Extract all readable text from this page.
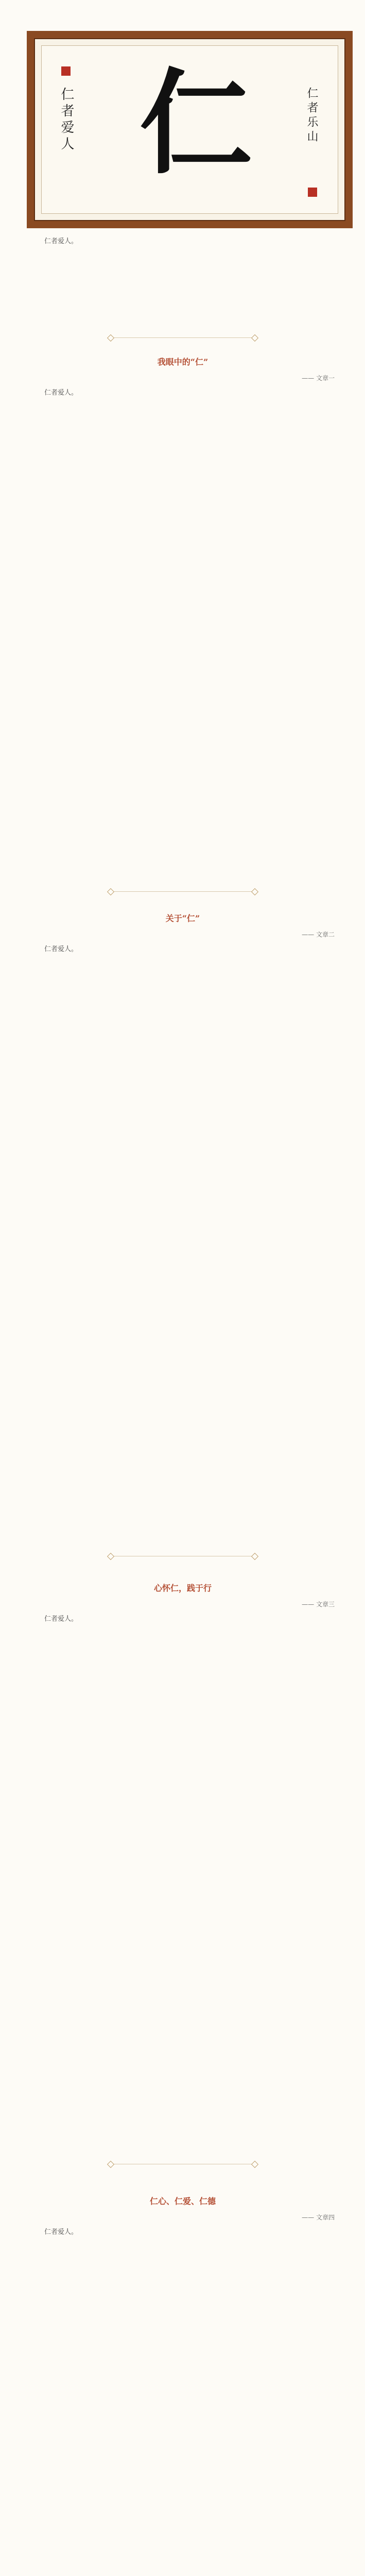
仁者爱人 仁	仁者乐山
仁者爱人。
我眼中的“仁”
—— 文章一

仁者爱人。

关于“仁”
—— 文章二

仁者爱人。

心怀仁，践于行
—— 文章三

仁者爱人。

仁心、仁爱、仁德
—— 文章四

仁者爱人。
